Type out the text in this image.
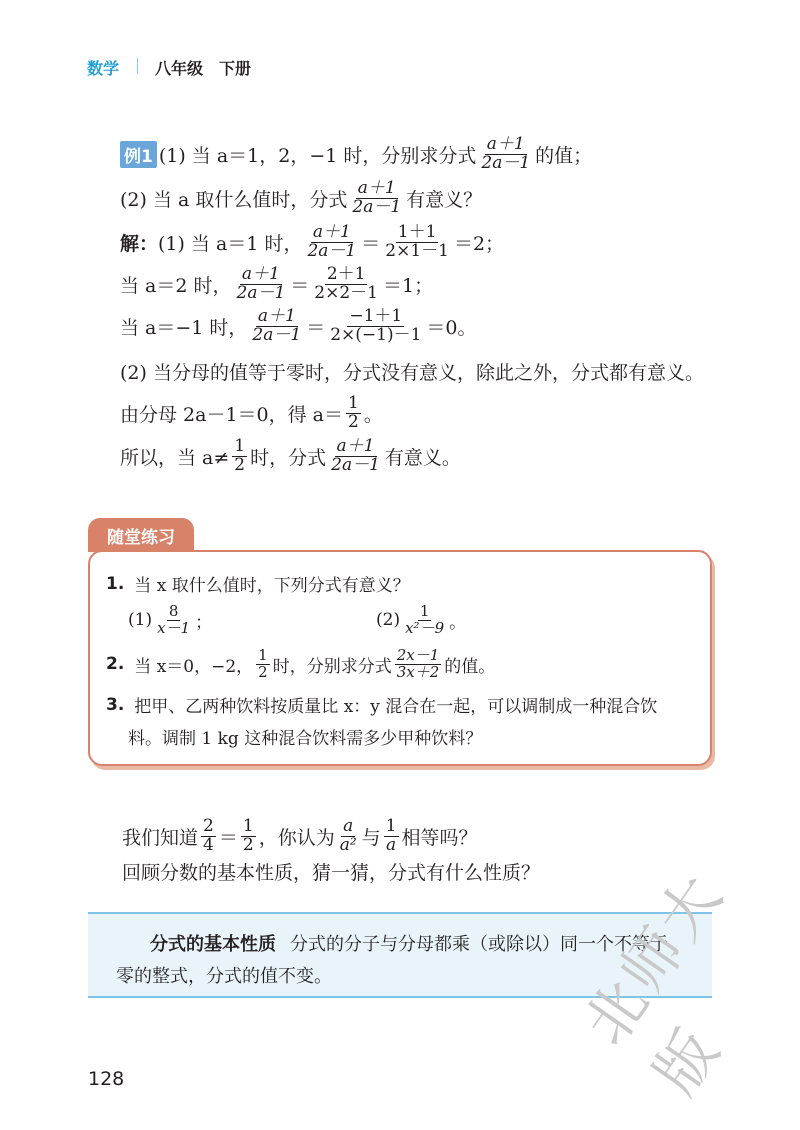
数学 八年级　下册
例1 (1) 当 a＝1，2，−1 时，分别求分式 $\frac{a+1}{2a-1}$ 的值；
(2) 当 a 取什么值时，分式 $\frac{a+1}{2a-1}$ 有意义？
解： (1) 当 a＝1 时， $\frac{a+1}{2a-1} = \frac{1+1}{2\times 1-1} =2$；
当 a＝2 时， $\frac{a+1}{2a-1} = \frac{2+1}{2\times 2-1} =1$；
当 a＝−1 时， $\frac{a+1}{2a-1} = \frac{-1+1}{2\times(-1)-1} =0$。
(2) 当分母的值等于零时，分式没有意义，除此之外，分式都有意义。
由分母 2a－1＝0，得 $a= \frac{1}{2}$ 。
所以，当 $a\ne \frac{1}{2}$ 时，分式 $\frac{a+1}{2a-1}$ 有意义。
随堂练习
1. 当 x 取什么值时，下列分式有意义？
$(1) \frac{8}{x-1}$ ；	$(2) \frac{1}{\text{x²－9}}$ 。
2. 当 x＝0，−2， $\frac{1}{2}$ 时，分别求分式 $\frac{2x-1}{3x+2}$ 的值。
3. 把甲、乙两种饮料按质量比 x：y 混合在一起，可以调制成一种混合饮
料。调制 1 kg 这种混合饮料需多少甲种饮料？
我们知道 $\frac{2}{4} = \frac{1}{2}$ ，你认为 $\frac{a}{\text{a²}}$ 与 $\frac{1}{a}$ 相等吗？
回顾分数的基本性质，猜一猜，分式有什么性质？
分式的基本性质 分式的分子与分母都乘（或除以）同一个不等于
零的整式，分式的值不变。
128
北师大版
